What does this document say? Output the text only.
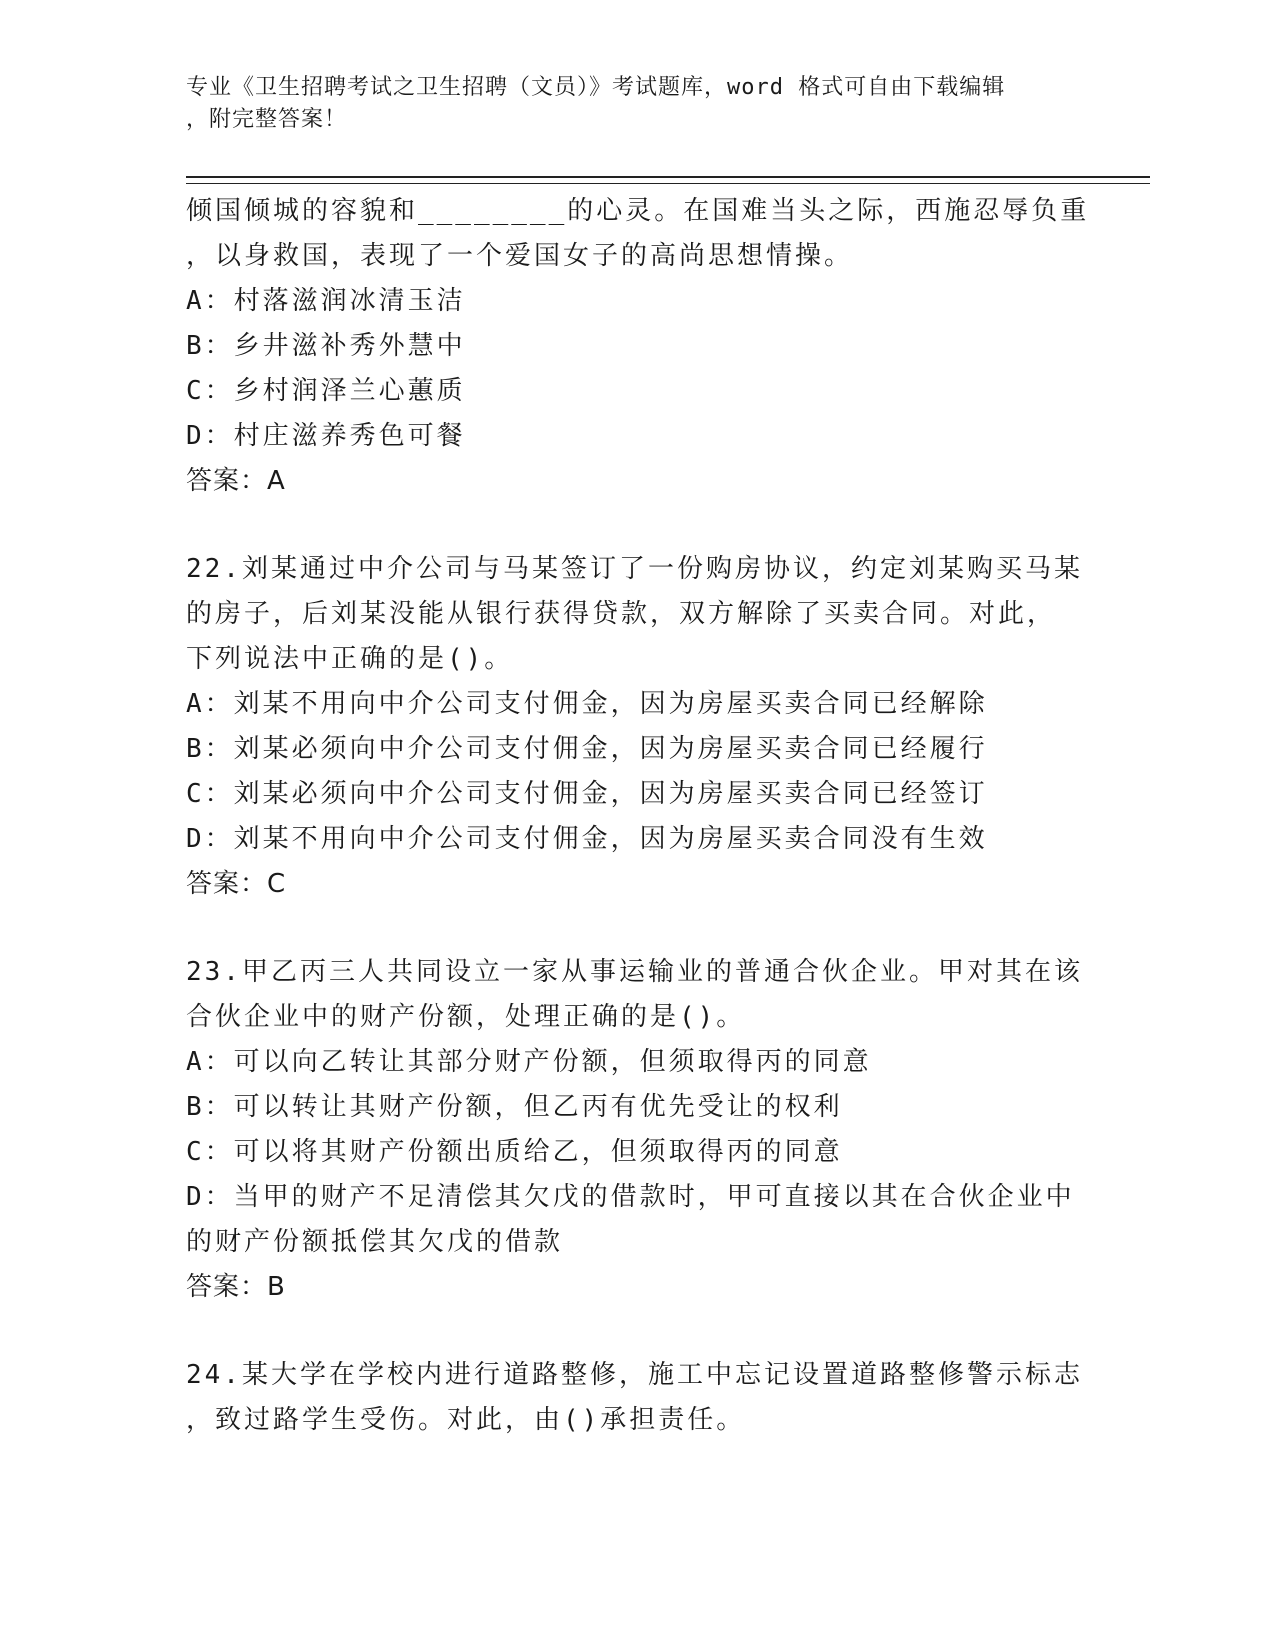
专业《卫生招聘考试之卫生招聘（文员）》考试题库，word 格式可自由下载编辑
，附完整答案！
倾国倾城的容貌和________的心灵。在国难当头之际，西施忍辱负重
，以身救国，表现了一个爱国女子的高尚思想情操。
A：村落滋润冰清玉洁
B：乡井滋补秀外慧中
C：乡村润泽兰心蕙质
D：村庄滋养秀色可餐
答案：A
22.刘某通过中介公司与马某签订了一份购房协议，约定刘某购买马某
的房子，后刘某没能从银行获得贷款，双方解除了买卖合同。对此，
下列说法中正确的是()。
A：刘某不用向中介公司支付佣金，因为房屋买卖合同已经解除
B：刘某必须向中介公司支付佣金，因为房屋买卖合同已经履行
C：刘某必须向中介公司支付佣金，因为房屋买卖合同已经签订
D：刘某不用向中介公司支付佣金，因为房屋买卖合同没有生效
答案：C
23.甲乙丙三人共同设立一家从事运输业的普通合伙企业。甲对其在该
合伙企业中的财产份额，处理正确的是()。
A：可以向乙转让其部分财产份额，但须取得丙的同意
B：可以转让其财产份额，但乙丙有优先受让的权利
C：可以将其财产份额出质给乙，但须取得丙的同意
D：当甲的财产不足清偿其欠戊的借款时，甲可直接以其在合伙企业中
的财产份额抵偿其欠戊的借款
答案：B
24.某大学在学校内进行道路整修，施工中忘记设置道路整修警示标志
，致过路学生受伤。对此，由()承担责任。
